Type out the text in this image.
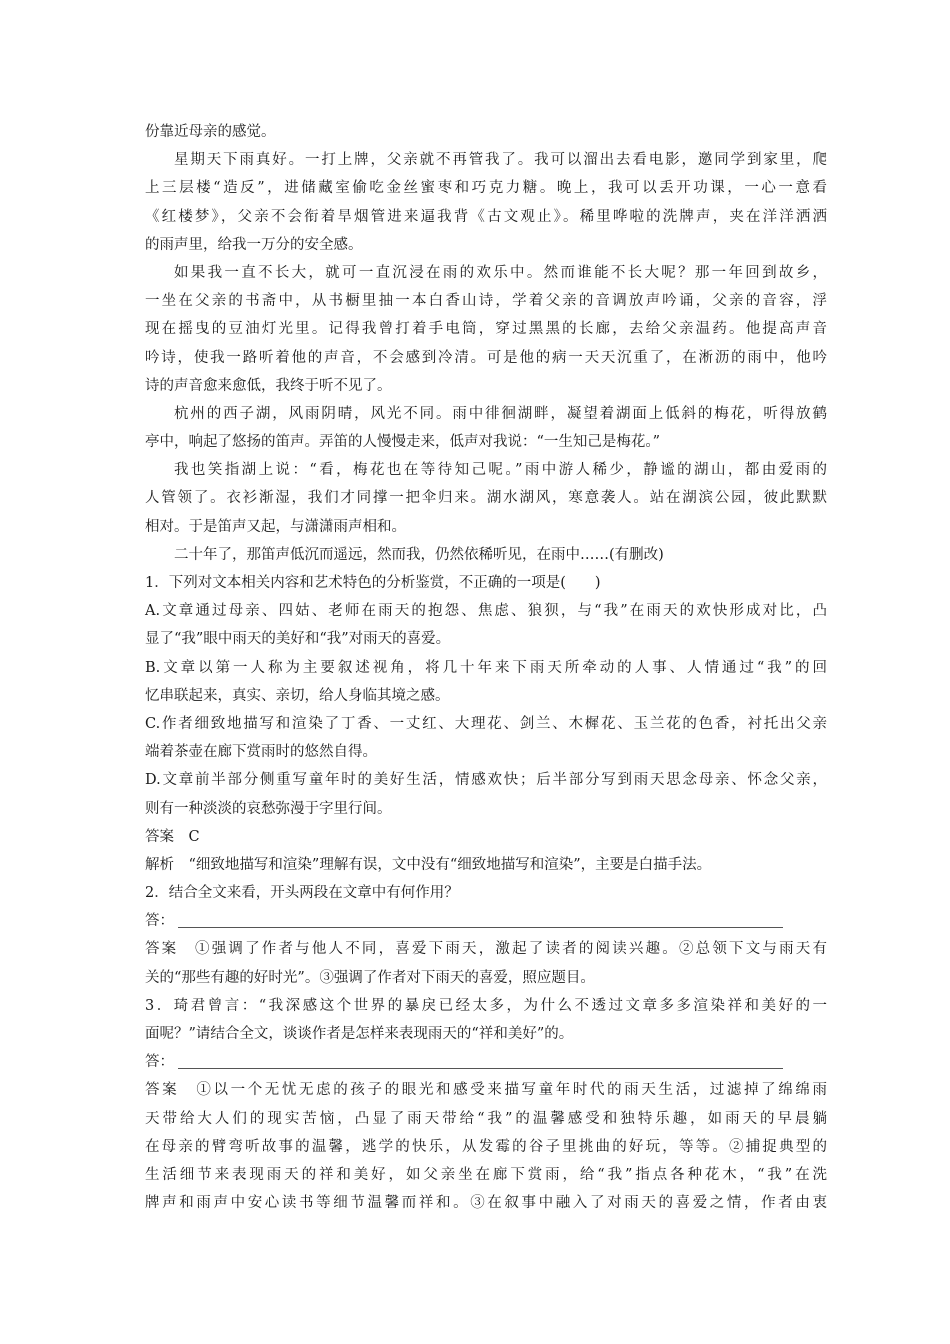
份靠近母亲的感觉。
星期天下雨真好。一打上牌，父亲就不再管我了。我可以溜出去看电影，邀同学到家里，爬
上三层楼“造反”，进储藏室偷吃金丝蜜枣和巧克力糖。晚上，我可以丢开功课，一心一意看
《红楼梦》，父亲不会衔着旱烟管进来逼我背《古文观止》。稀里哗啦的洗牌声，夹在洋洋洒洒
的雨声里，给我一万分的安全感。
如果我一直不长大，就可一直沉浸在雨的欢乐中。然而谁能不长大呢？那一年回到故乡，
一坐在父亲的书斋中，从书橱里抽一本白香山诗，学着父亲的音调放声吟诵，父亲的音容，浮
现在摇曳的豆油灯光里。记得我曾打着手电筒，穿过黑黑的长廊，去给父亲温药。他提高声音
吟诗，使我一路听着他的声音，不会感到冷清。可是他的病一天天沉重了，在淅沥的雨中，他吟
诗的声音愈来愈低，我终于听不见了。
杭州的西子湖，风雨阴晴，风光不同。雨中徘徊湖畔，凝望着湖面上低斜的梅花，听得放鹤
亭中，响起了悠扬的笛声。弄笛的人慢慢走来，低声对我说：“一生知己是梅花。”
我也笑指湖上说：“看，梅花也在等待知己呢。”雨中游人稀少，静谧的湖山，都由爱雨的
人管领了。衣衫渐湿，我们才同撑一把伞归来。湖水湖风，寒意袭人。站在湖滨公园，彼此默默
相对。于是笛声又起，与潇潇雨声相和。
二十年了，那笛声低沉而遥远，然而我，仍然依稀听见，在雨中……(有删改)
1．下列对文本相关内容和艺术特色的分析鉴赏，不正确的一项是(　　)
A.文章通过母亲、四姑、老师在雨天的抱怨、焦虑、狼狈，与“我”在雨天的欢快形成对比，凸
显了“我”眼中雨天的美好和“我”对雨天的喜爱。
B.文章以第一人称为主要叙述视角，将几十年来下雨天所牵动的人事、人情通过“我”的回
忆串联起来，真实、亲切，给人身临其境之感。
C.作者细致地描写和渲染了丁香、一丈红、大理花、剑兰、木樨花、玉兰花的色香，衬托出父亲
端着茶壶在廊下赏雨时的悠然自得。
D.文章前半部分侧重写童年时的美好生活，情感欢快；后半部分写到雨天思念母亲、怀念父亲，
则有一种淡淡的哀愁弥漫于字里行间。
答案　C
解析　“细致地描写和渲染”理解有误，文中没有“细致地描写和渲染”，主要是白描手法。
2．结合全文来看，开头两段在文章中有何作用？
答：
答案　①强调了作者与他人不同，喜爱下雨天，激起了读者的阅读兴趣。②总领下文与雨天有
关的“那些有趣的好时光”。③强调了作者对下雨天的喜爱，照应题目。
3．琦君曾言：“我深感这个世界的暴戾已经太多，为什么不透过文章多多渲染祥和美好的一
面呢？”请结合全文，谈谈作者是怎样来表现雨天的“祥和美好”的。
答：
答案　①以一个无忧无虑的孩子的眼光和感受来描写童年时代的雨天生活，过滤掉了绵绵雨
天带给大人们的现实苦恼，凸显了雨天带给“我”的温馨感受和独特乐趣，如雨天的早晨躺
在母亲的臂弯听故事的温馨，逃学的快乐，从发霉的谷子里挑曲的好玩，等等。②捕捉典型的
生活细节来表现雨天的祥和美好，如父亲坐在廊下赏雨，给“我”指点各种花木，“我”在洗
牌声和雨声中安心读书等细节温馨而祥和。③在叙事中融入了对雨天的喜爱之情，作者由衷
